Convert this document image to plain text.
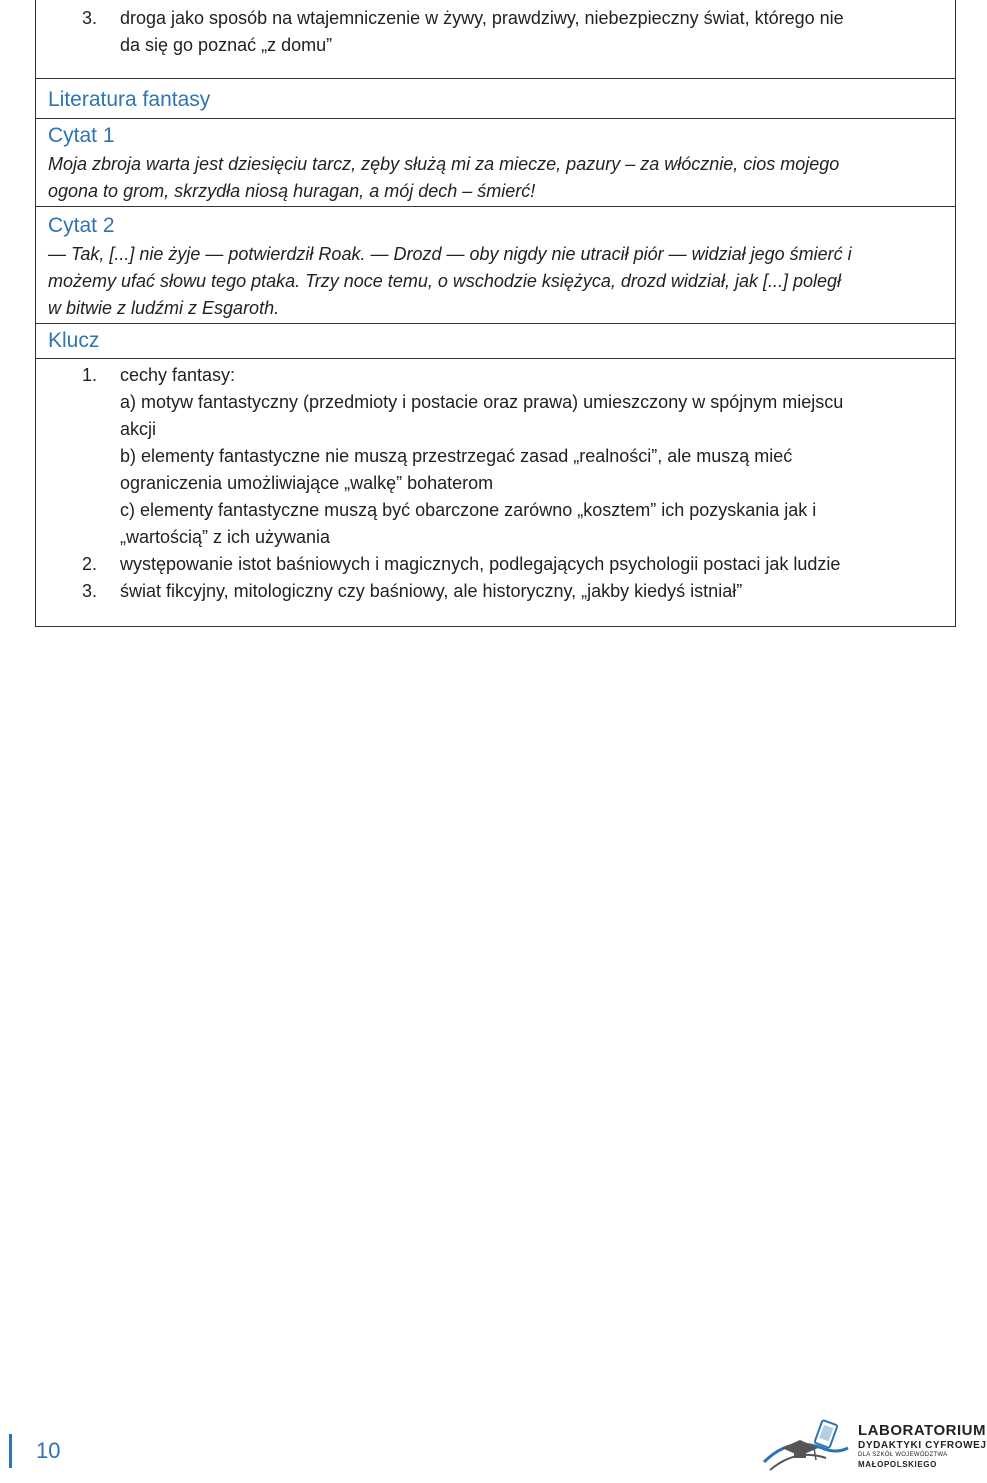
3. droga jako sposób na wtajemniczenie w żywy, prawdziwy, niebezpieczny świat, którego nie
da się go poznać „z domu”
Literatura fantasy
Cytat 1
Moja zbroja warta jest dziesięciu tarcz, zęby służą mi za miecze, pazury – za włócznie, cios mojego
ogona to grom, skrzydła niosą huragan, a mój dech – śmierć!
Cytat 2
— Tak, [...] nie żyje — potwierdził Roak. — Drozd — oby nigdy nie utracił piór — widział jego śmierć i
możemy ufać słowu tego ptaka. Trzy noce temu, o wschodzie księżyca, drozd widział, jak [...] poległ
w bitwie z ludźmi z Esgaroth.
Klucz
1. cechy fantasy:
a) motyw fantastyczny (przedmioty i postacie oraz prawa) umieszczony w spójnym miejscu
akcji
b) elementy fantastyczne nie muszą przestrzegać zasad „realności”, ale muszą mieć
ograniczenia umożliwiające „walkę” bohaterom
c) elementy fantastyczne muszą być obarczone zarówno „kosztem” ich pozyskania jak i
„wartością” z ich używania
2. występowanie istot baśniowych i magicznych, podlegających psychologii postaci jak ludzie
3. świat fikcyjny, mitologiczny czy baśniowy, ale historyczny, „jakby kiedyś istniał”
10
LABORATORIUM
DYDAKTYKI CYFROWEJ
DLA SZKÓŁ WOJEWÓDZTWA
MAŁOPOLSKIEGO
